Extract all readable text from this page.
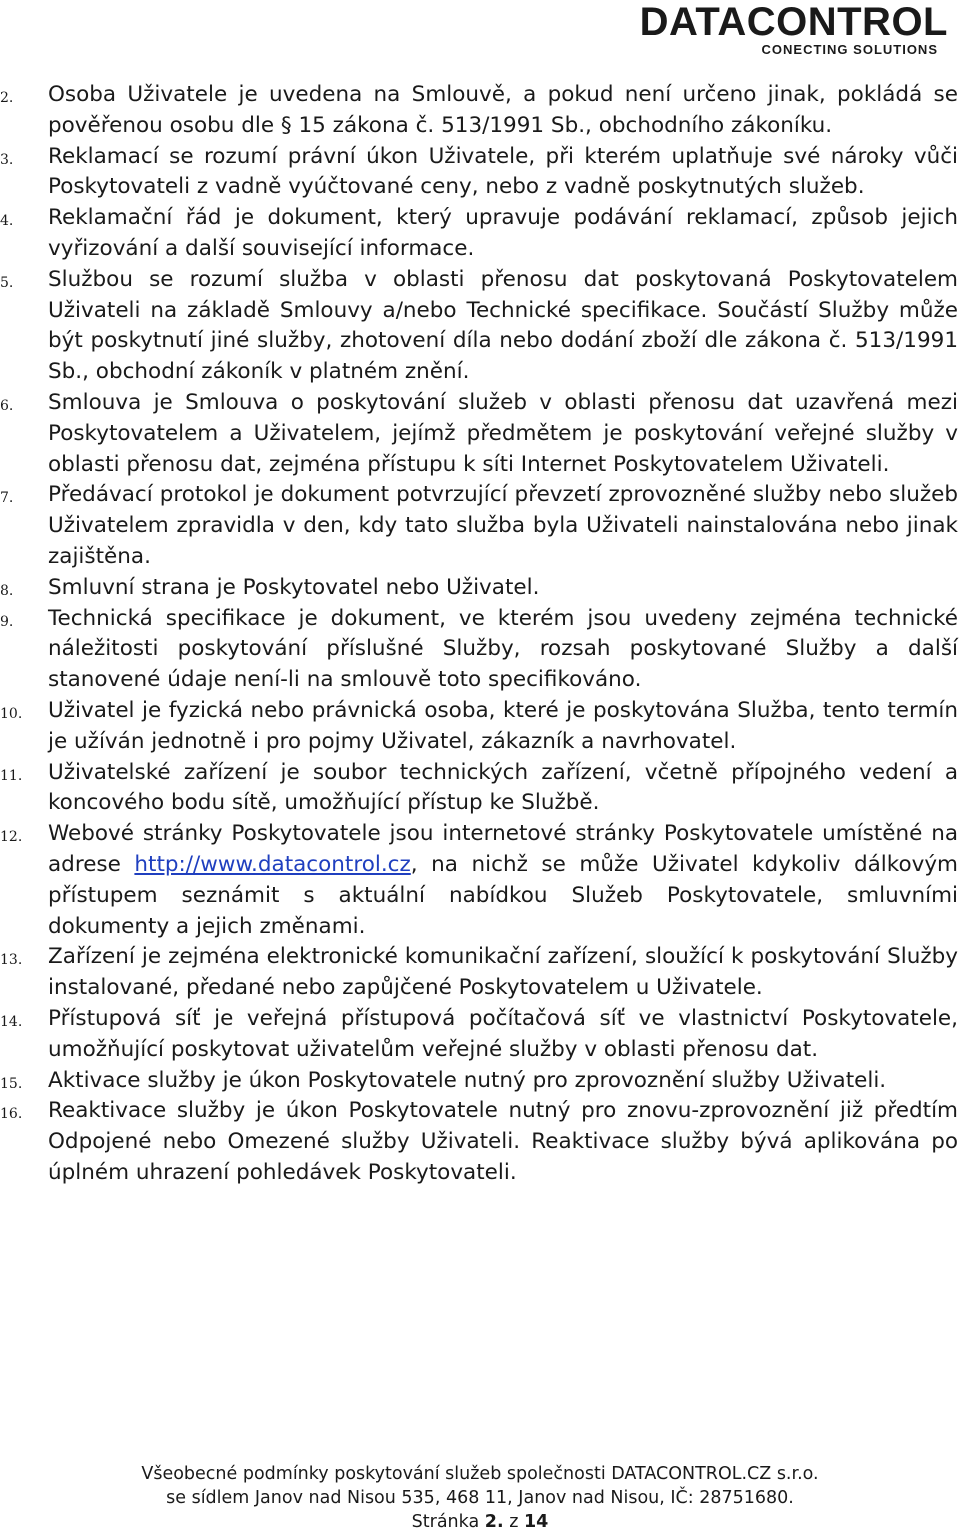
DATACONTROL
CONECTING SOLUTIONS
2.	Osoba Uživatele je uvedena na Smlouvě, a pokud není určeno jinak, pokládá se pověřenou osobu dle § 15 zákona č. 513/1991 Sb., obchodního zákoníku.
3.	Reklamací se rozumí právní úkon Uživatele, při kterém uplatňuje své nároky vůči Poskytovateli z vadně vyúčtované ceny, nebo z vadně poskytnutých služeb.
4.	Reklamační řád je dokument, který upravuje podávání reklamací, způsob jejich vyřizování a další související informace.
5.	Službou se rozumí služba v oblasti přenosu dat poskytovaná Poskytovatelem Uživateli na základě Smlouvy a/nebo Technické specifikace. Součástí Služby může být poskytnutí jiné služby, zhotovení díla nebo dodání zboží dle zákona č. 513/1991 Sb., obchodní zákoník v platném znění.
6.	Smlouva je Smlouva o poskytování služeb v oblasti přenosu dat uzavřená mezi Poskytovatelem a Uživatelem, jejímž předmětem je poskytování veřejné služby v oblasti přenosu dat, zejména přístupu k síti Internet Poskytovatelem Uživateli.
7.	Předávací protokol je dokument potvrzující převzetí zprovozněné služby nebo služeb Uživatelem zpravidla v den, kdy tato služba byla Uživateli nainstalována nebo jinak zajištěna.
8.	Smluvní strana je Poskytovatel nebo Uživatel.
9.	Technická specifikace je dokument, ve kterém jsou uvedeny zejména technické náležitosti poskytování příslušné Služby, rozsah poskytované Služby a další stanovené údaje není-li na smlouvě toto specifikováno.
10.	Uživatel je fyzická nebo právnická osoba, které je poskytována Služba, tento termín je užíván jednotně i pro pojmy Uživatel, zákazník a navrhovatel.
11.	Uživatelské zařízení je soubor technických zařízení, včetně přípojného vedení a koncového bodu sítě, umožňující přístup ke Službě.
12.	Webové stránky Poskytovatele jsou internetové stránky Poskytovatele umístěné na adrese http://www.datacontrol.cz, na nichž se může Uživatel kdykoliv dálkovým přístupem seznámit s aktuální nabídkou Služeb Poskytovatele, smluvními dokumenty a jejich změnami.
13.	Zařízení je zejména elektronické komunikační zařízení, sloužící k poskytování Služby instalované, předané nebo zapůjčené Poskytovatelem u Uživatele.
14.	Přístupová síť je veřejná přístupová počítačová síť ve vlastnictví Poskytovatele, umožňující poskytovat uživatelům veřejné služby v oblasti přenosu dat.
15.	Aktivace služby je úkon Poskytovatele nutný pro zprovoznění služby Uživateli.
16.	Reaktivace služby je úkon Poskytovatele nutný pro znovu-zprovoznění již předtím Odpojené nebo Omezené služby Uživateli. Reaktivace služby bývá aplikována po úplném uhrazení pohledávek Poskytovateli.
Všeobecné podmínky poskytování služeb společnosti DATACONTROL.CZ s.r.o.
se sídlem Janov nad Nisou 535, 468 11, Janov nad Nisou, IČ: 28751680.
Stránka 2. z 14
